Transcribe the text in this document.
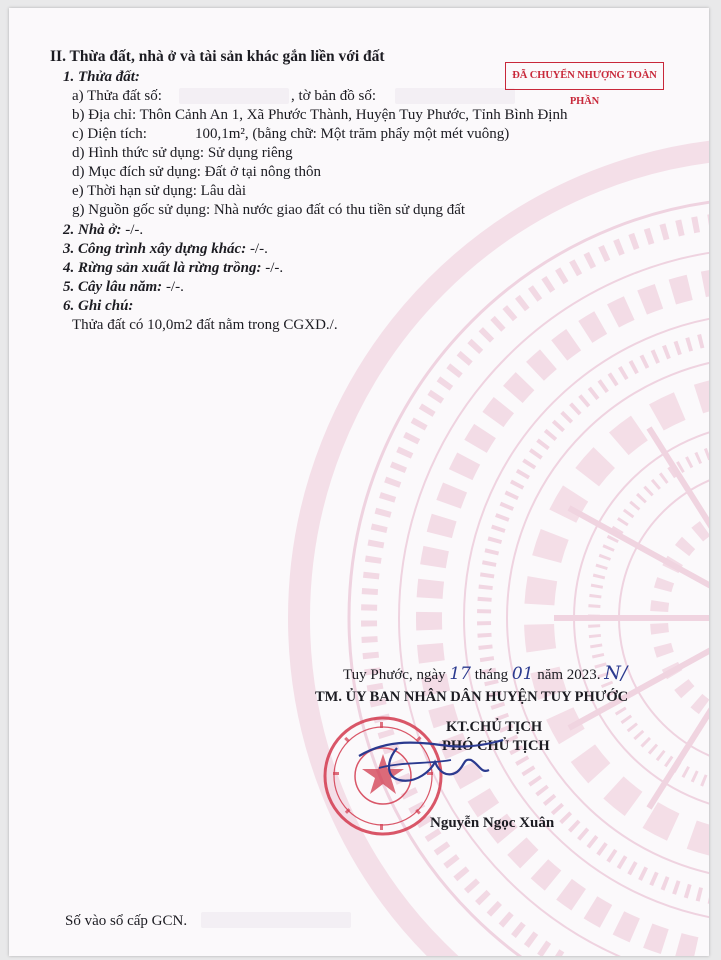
II. Thừa đất, nhà ở và tài sản khác gắn liền với đất
1. Thửa đất:
a) Thửa đất số:	, tờ bản đồ số:
b) Địa chỉ: Thôn Cảnh An 1, Xã Phước Thành, Huyện Tuy Phước, Tỉnh Bình Định
c) Diện tích:	100,1m², (bằng chữ: Một trăm phẩy một mét vuông)
d) Hình thức sử dụng: Sử dụng riêng
d) Mục đích sử dụng: Đất ở tại nông thôn
e) Thời hạn sử dụng: Lâu dài
g) Nguồn gốc sử dụng: Nhà nước giao đất có thu tiền sử dụng đất
2. Nhà ở: -/-.
3. Công trình xây dựng khác: -/-.
4. Rừng sản xuất là rừng trồng: -/-.
5. Cây lâu năm: -/-.
6. Ghi chú:
Thửa đất có 10,0m2 đất nằm trong CGXD./.
ĐÃ CHUYỂN NHƯỢNG TOÀN PHẦN
Tuy Phước, ngày 17 tháng 01 năm 2023. N/
TM. ỦY BAN NHÂN DÂN HUYỆN TUY PHƯỚC
KT.CHỦ TỊCH
PHÓ CHỦ TỊCH
Nguyễn Ngọc Xuân
Số vào sổ cấp GCN.
